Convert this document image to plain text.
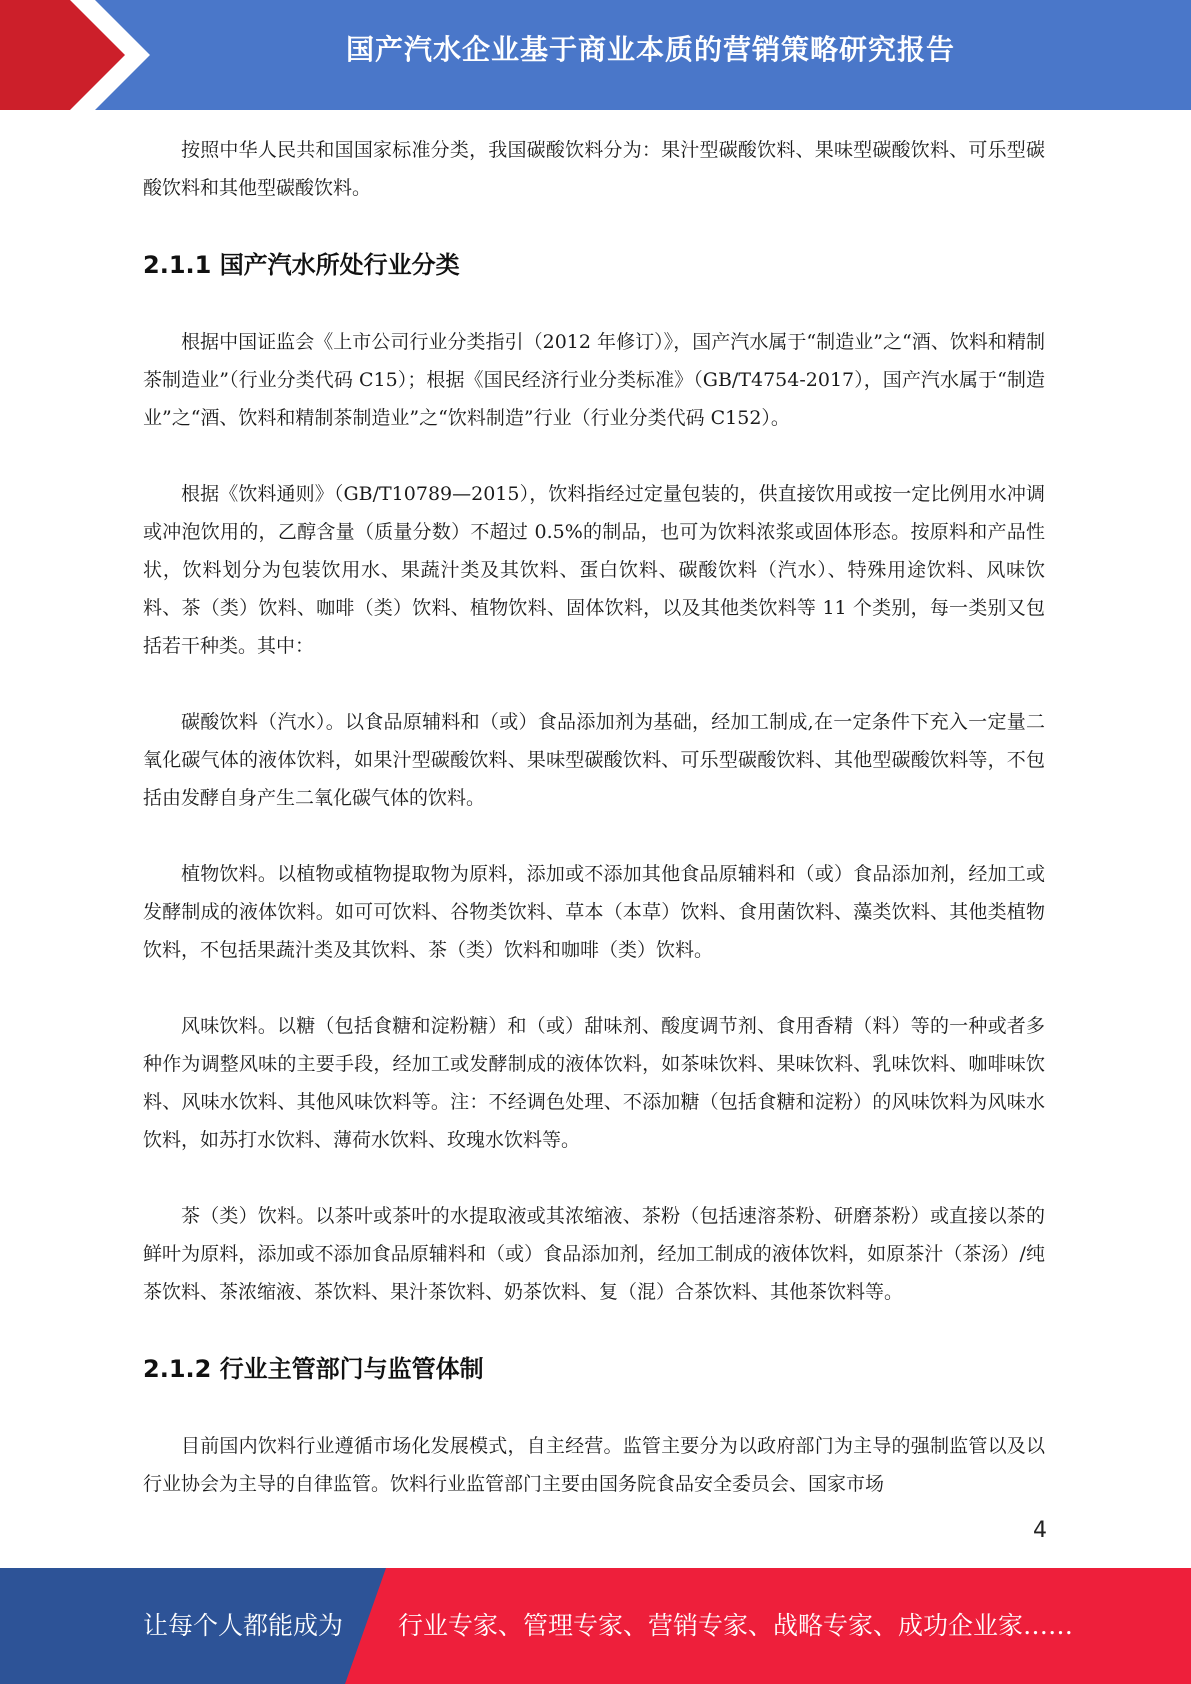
国产汽水企业基于商业本质的营销策略研究报告

按照中华人民共和国国家标准分类，我国碳酸饮料分为：果汁型碳酸饮料、果味型碳酸饮料、可乐型碳酸饮料和其他型碳酸饮料。

2.1.1 国产汽水所处行业分类

根据中国证监会《上市公司行业分类指引（2012 年修订）》，国产汽水属于“制造业”之“酒、饮料和精制茶制造业”（行业分类代码 C15）；根据《国民经济行业分类标准》（GB/T4754-2017），国产汽水属于“制造业”之“酒、饮料和精制茶制造业”之“饮料制造”行业（行业分类代码 C152）。

根据《饮料通则》（GB/T10789—2015），饮料指经过定量包装的，供直接饮用或按一定比例用水冲调或冲泡饮用的，乙醇含量（质量分数）不超过 0.5%的制品，也可为饮料浓浆或固体形态。按原料和产品性状，饮料划分为包装饮用水、果蔬汁类及其饮料、蛋白饮料、碳酸饮料（汽水）、特殊用途饮料、风味饮料、茶（类）饮料、咖啡（类）饮料、植物饮料、固体饮料，以及其他类饮料等 11 个类别，每一类别又包括若干种类。其中：

碳酸饮料（汽水）。以食品原辅料和（或）食品添加剂为基础，经加工制成,在一定条件下充入一定量二氧化碳气体的液体饮料，如果汁型碳酸饮料、果味型碳酸饮料、可乐型碳酸饮料、其他型碳酸饮料等，不包括由发酵自身产生二氧化碳气体的饮料。

植物饮料。以植物或植物提取物为原料，添加或不添加其他食品原辅料和（或）食品添加剂，经加工或发酵制成的液体饮料。如可可饮料、谷物类饮料、草本（本草）饮料、食用菌饮料、藻类饮料、其他类植物饮料，不包括果蔬汁类及其饮料、茶（类）饮料和咖啡（类）饮料。

风味饮料。以糖（包括食糖和淀粉糖）和（或）甜味剂、酸度调节剂、食用香精（料）等的一种或者多种作为调整风味的主要手段，经加工或发酵制成的液体饮料，如茶味饮料、果味饮料、乳味饮料、咖啡味饮料、风味水饮料、其他风味饮料等。注：不经调色处理、不添加糖（包括食糖和淀粉）的风味饮料为风味水饮料，如苏打水饮料、薄荷水饮料、玫瑰水饮料等。

茶（类）饮料。以茶叶或茶叶的水提取液或其浓缩液、茶粉（包括速溶茶粉、研磨茶粉）或直接以茶的鲜叶为原料，添加或不添加食品原辅料和（或）食品添加剂，经加工制成的液体饮料，如原茶汁（茶汤）/纯茶饮料、茶浓缩液、茶饮料、果汁茶饮料、奶茶饮料、复（混）合茶饮料、其他茶饮料等。

2.1.2 行业主管部门与监管体制

目前国内饮料行业遵循市场化发展模式，自主经营。监管主要分为以政府部门为主导的强制监管以及以行业协会为主导的自律监管。饮料行业监管部门主要由国务院食品安全委员会、国家市场

4
让每个人都能成为 行业专家、管理专家、营销专家、战略专家、成功企业家……
